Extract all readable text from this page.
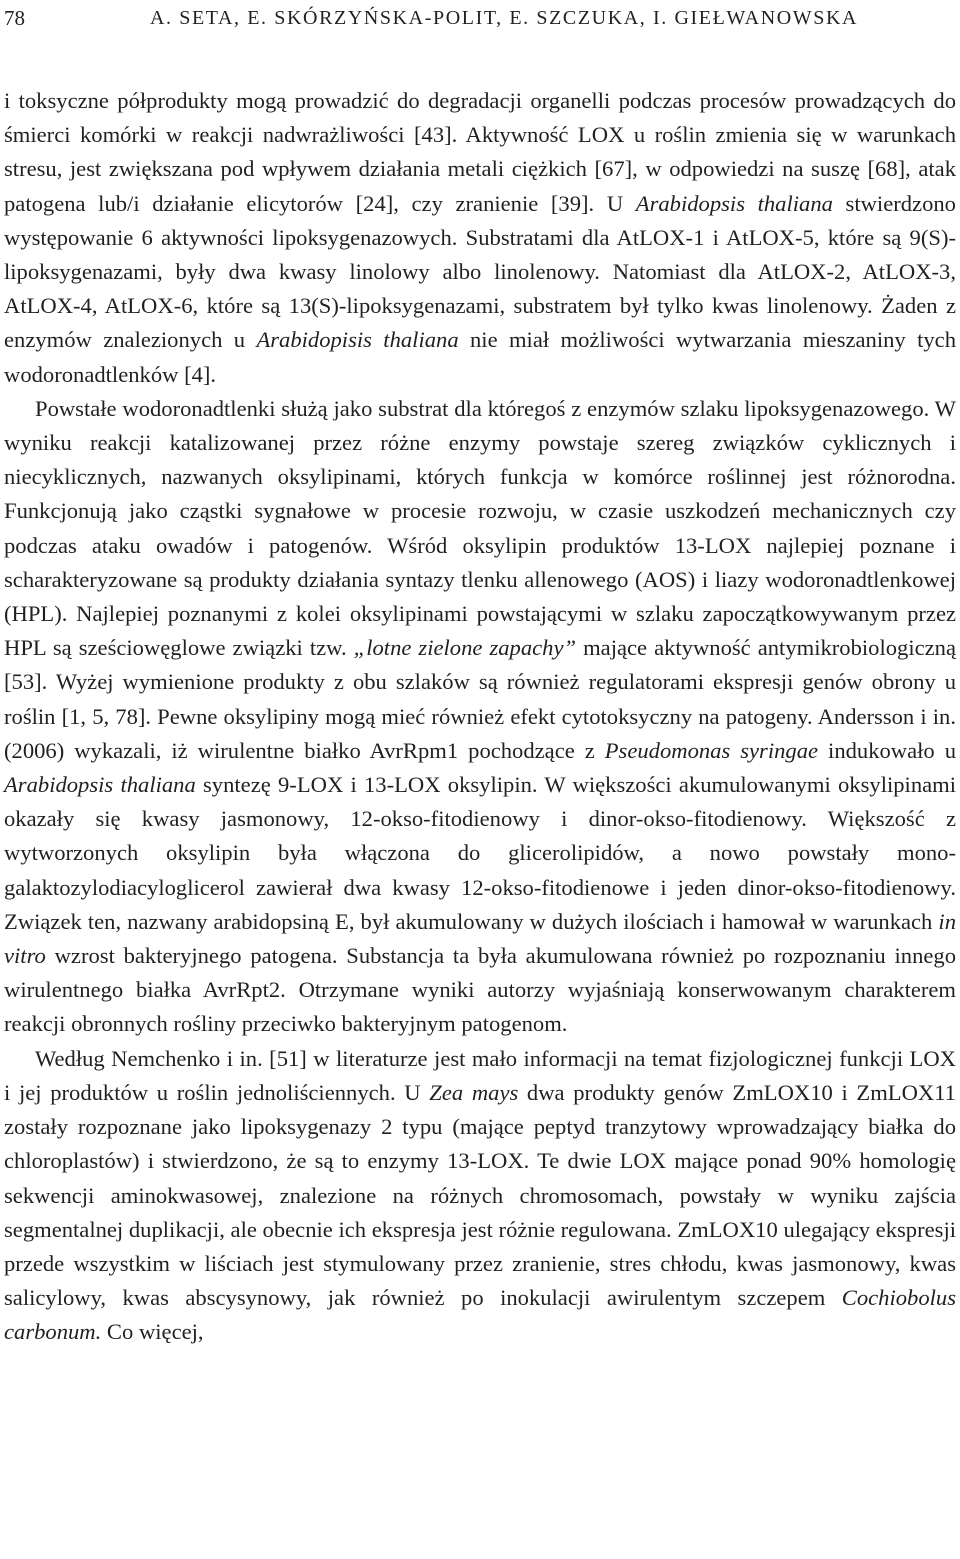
78	A. SETA, E. SKÓRZYŃSKA-POLIT, E. SZCZUKA, I. GIEŁWANOWSKA

i toksyczne półprodukty mogą prowadzić do degradacji organelli podczas procesów prowadzących do śmierci komórki w reakcji nadwrażliwości [43]. Aktywność LOX u roślin zmienia się w warunkach stresu, jest zwiększana pod wpływem działania metali ciężkich [67], w odpowiedzi na suszę [68], atak patogena lub/i działanie elicytorów [24], czy zranienie [39]. U Arabidopsis thaliana stwierdzono występowanie 6 aktywności lipoksygenazowych. Substratami dla AtLOX-1 i AtLOX-5, które są 9(S)-lipoksygenazami, były dwa kwasy linolowy albo linolenowy. Natomiast dla AtLOX-2, AtLOX-3, AtLOX-4, AtLOX-6, które są 13(S)-lipoksygenazami, substratem był tylko kwas linolenowy. Żaden z enzymów znalezionych u Arabidopisis thaliana nie miał możliwości wytwarzania mieszaniny tych wodoronadtlenków [4].

Powstałe wodoronadtlenki służą jako substrat dla któregoś z enzymów szlaku lipoksygenazowego. W wyniku reakcji katalizowanej przez różne enzymy powstaje szereg związków cyklicznych i niecyklicznych, nazwanych oksylipinami, których funkcja w komórce roślinnej jest różnorodna. Funkcjonują jako cząstki sygnałowe w procesie rozwoju, w czasie uszkodzeń mechanicznych czy podczas ataku owadów i patogenów. Wśród oksylipin produktów 13-LOX najlepiej poznane i scharakteryzowane są produkty działania syntazy tlenku allenowego (AOS) i liazy wodoronadtlenkowej (HPL). Najlepiej poznanymi z kolei oksylipinami powstającymi w szlaku zapoczątkowywanym przez HPL są sześciowęglowe związki tzw. „lotne zielone zapachy” mające aktywność antymikrobiologiczną [53]. Wyżej wymienione produkty z obu szlaków są również regulatorami ekspresji genów obrony u roślin [1, 5, 78]. Pewne oksylipiny mogą mieć również efekt cytotoksyczny na patogeny. Andersson i in. (2006) wykazali, iż wirulentne białko AvrRpm1 pochodzące z Pseudomonas syringae indukowało u Arabidopsis thaliana syntezę 9-LOX i 13-LOX oksylipin. W większości akumulowanymi oksylipinami okazały się kwasy jasmonowy, 12-okso-fitodienowy i dinor-okso-fitodienowy. Większość z wytworzonych oksylipin była włączona do glicerolipidów, a nowo powstały mono-galaktozylodiacyloglicerol zawierał dwa kwasy 12-okso-fitodienowe i jeden dinor-okso-fitodienowy. Związek ten, nazwany arabidopsiną E, był akumulowany w dużych ilościach i hamował w warunkach in vitro wzrost bakteryjnego patogena. Substancja ta była akumulowana również po rozpoznaniu innego wirulentnego białka AvrRpt2. Otrzymane wyniki autorzy wyjaśniają konserwowanym charakterem reakcji obronnych rośliny przeciwko bakteryjnym patogenom.

Według Nemchenko i in. [51] w literaturze jest mało informacji na temat fizjologicznej funkcji LOX i jej produktów u roślin jednoliściennych. U Zea mays dwa produkty genów ZmLOX10 i ZmLOX11 zostały rozpoznane jako lipoksygenazy 2 typu (mające peptyd tranzytowy wprowadzający białka do chloroplastów) i stwierdzono, że są to enzymy 13-LOX. Te dwie LOX mające ponad 90% homologię sekwencji aminokwasowej, znalezione na różnych chromosomach, powstały w wyniku zajścia segmentalnej duplikacji, ale obecnie ich ekspresja jest różnie regulowana. ZmLOX10 ulegający ekspresji przede wszystkim w liściach jest stymulowany przez zranienie, stres chłodu, kwas jasmonowy, kwas salicylowy, kwas abscysynowy, jak również po inokulacji awirulentym szczepem Cochiobolus carbonum. Co więcej,
